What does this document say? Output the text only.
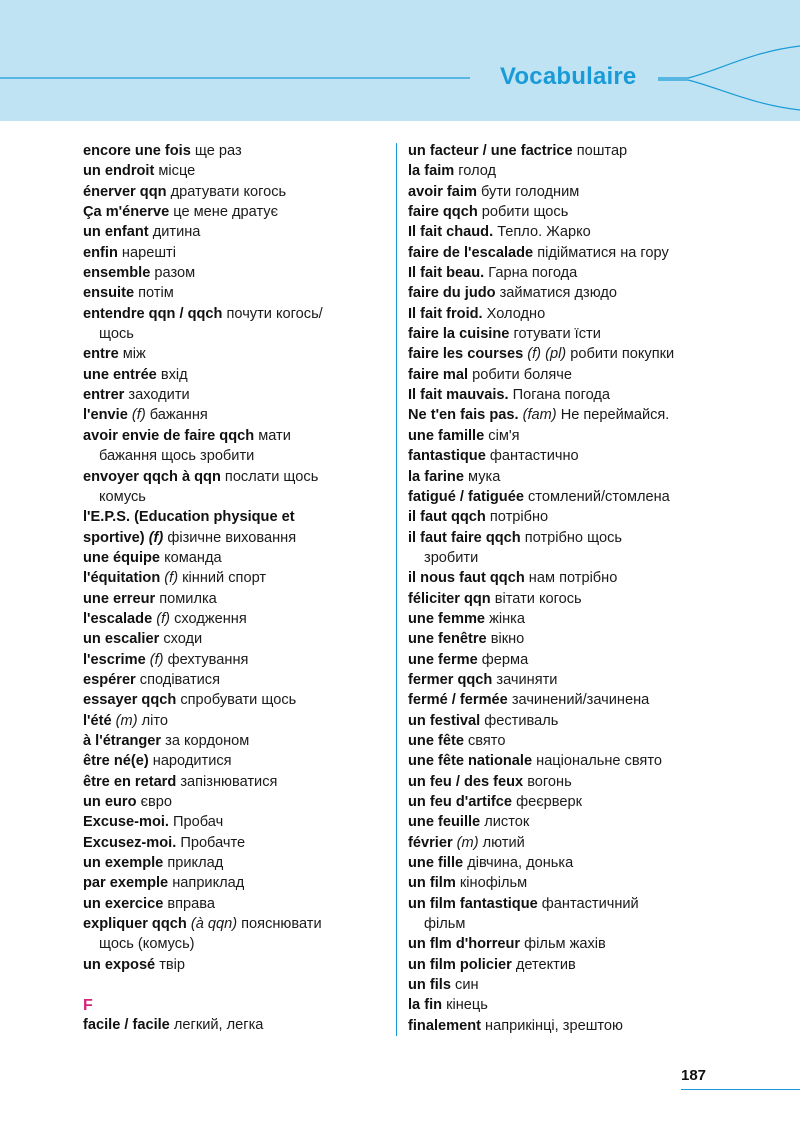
Vocabulaire
encore une fois ще раз
un endroit місце
énerver qqn дратувати когось
Ça m'énerve це мене дратує
un enfant дитина
enfin нарешті
ensemble разом
ensuite потім
entendre qqn / qqch почути когось/
щось
entre між
une entrée вхід
entrer заходити
l'envie (f) бажання
avoir envie de faire qqch мати
бажання щось зробити
envoyer qqch à qqn послати щось
комусь
l'E.P.S. (Education physique et
sportive) (f) фізичне виховання
une équipe команда
l'équitation (f) кінний спорт
une erreur помилка
l'escalade (f) сходження
un escalier сходи
l'escrime (f) фехтування
espérer сподіватися
essayer qqch спробувати щось
l'été (m) літо
à l'étranger за кордоном
être né(e) народитися
être en retard запізнюватися
un euro євро
Excuse-moi. Пробач
Excusez-moi. Пробачте
un exemple приклад
par exemple наприклад
un exercice вправа
expliquer qqch (à qqn) пояснювати
щось (комусь)
un exposé твір
F
facile / facile легкий, легка
un facteur / une factrice поштар
la faim голод
avoir faim бути голодним
faire qqch робити щось
Il fait chaud. Тепло. Жарко
faire de l'escalade підійматися на гору
Il fait beau. Гарна погода
faire du judo займатися дзюдо
Il fait froid. Холодно
faire la cuisine готувати їсти
faire les courses (f) (pl) робити покупки
faire mal робити боляче
Il fait mauvais. Погана погода
Ne t'en fais pas. (fam) Не переймайся.
une famille сім'я
fantastique фантастично
la farine мука
fatigué / fatiguée стомлений/стомлена
il faut qqch потрібно
il faut faire qqch потрібно щось
зробити
il nous faut qqch нам потрібно
féliciter qqn вітати когось
une femme жінка
une fenêtre вікно
une ferme ферма
fermer qqch зачиняти
fermé / fermée зачинений/зачинена
un festival фестиваль
une fête свято
une fête nationale національне свято
un feu / des feux вогонь
un feu d'artifce феєрверк
une feuille листок
février (m) лютий
une fille дівчина, донька
un film кінофільм
un film fantastique фантастичний
фільм
un flm d'horreur фільм жахів
un film policier детектив
un fils син
la fin кінець
finalement наприкінці, зрештою
187
